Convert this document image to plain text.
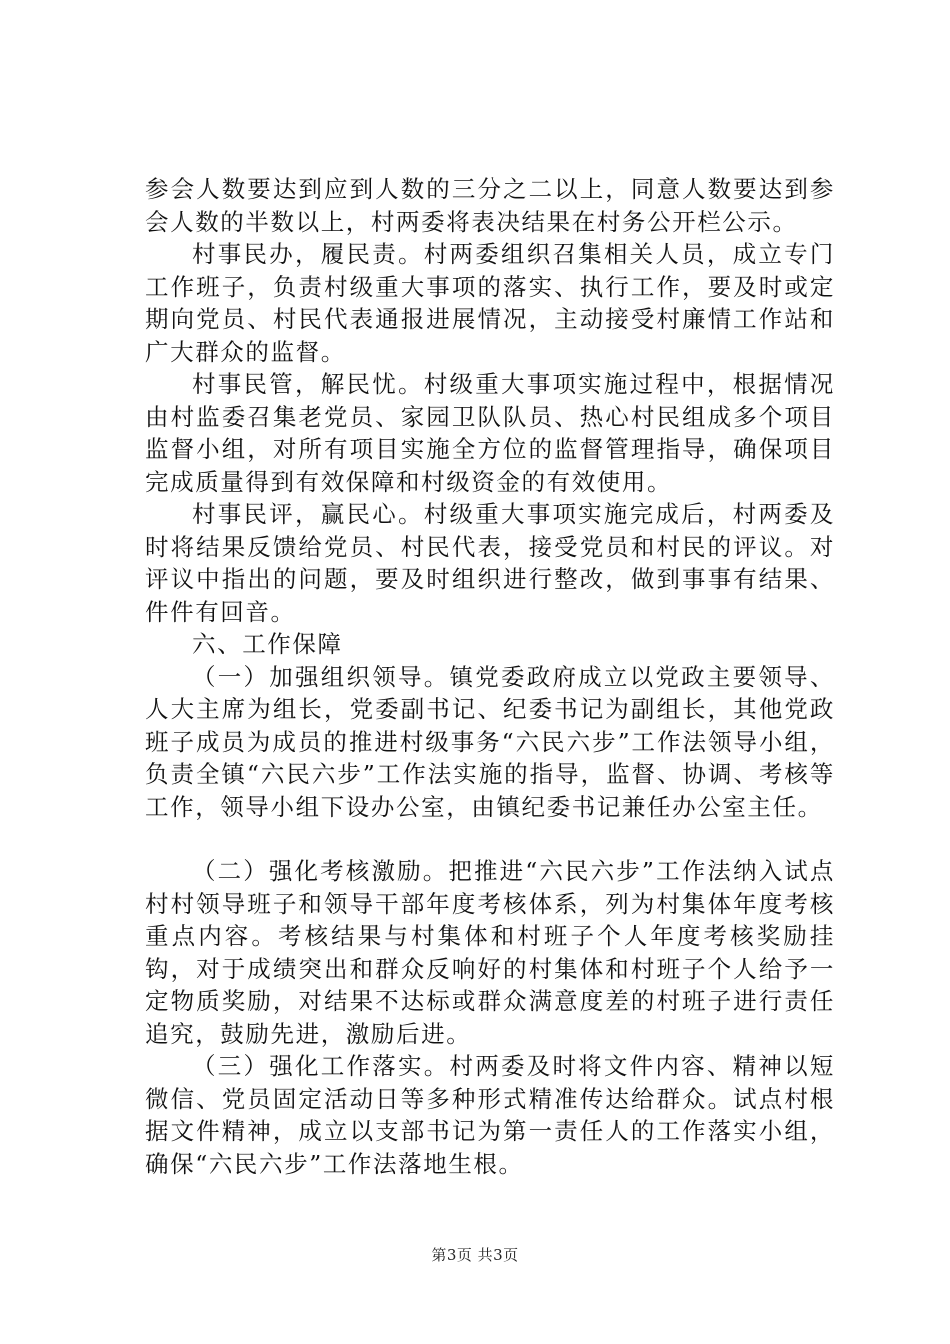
参会人数要达到应到人数的三分之二以上，同意人数要达到参会人数的半数以上，村两委将表决结果在村务公开栏公示。

村事民办，履民责。村两委组织召集相关人员，成立专门工作班子，负责村级重大事项的落实、执行工作，要及时或定期向党员、村民代表通报进展情况，主动接受村廉情工作站和广大群众的监督。

村事民管，解民忧。村级重大事项实施过程中，根据情况由村监委召集老党员、家园卫队队员、热心村民组成多个项目监督小组，对所有项目实施全方位的监督管理指导，确保项目完成质量得到有效保障和村级资金的有效使用。

村事民评，赢民心。村级重大事项实施完成后，村两委及时将结果反馈给党员、村民代表，接受党员和村民的评议。对评议中指出的问题，要及时组织进行整改，做到事事有结果、件件有回音。

六、工作保障

（一）加强组织领导。镇党委政府成立以党政主要领导、人大主席为组长，党委副书记、纪委书记为副组长，其他党政班子成员为成员的推进村级事务“六民六步”工作法领导小组，负责全镇“六民六步”工作法实施的指导，监督、协调、考核等工作，领导小组下设办公室，由镇纪委书记兼任办公室主任。

（二）强化考核激励。把推进“六民六步”工作法纳入试点村村领导班子和领导干部年度考核体系，列为村集体年度考核重点内容。考核结果与村集体和村班子个人年度考核奖励挂钩，对于成绩突出和群众反响好的村集体和村班子个人给予一定物质奖励，对结果不达标或群众满意度差的村班子进行责任追究，鼓励先进，激励后进。

（三）强化工作落实。村两委及时将文件内容、精神以短微信、党员固定活动日等多种形式精准传达给群众。试点村根据文件精神，成立以支部书记为第一责任人的工作落实小组，确保“六民六步”工作法落地生根。

第3页 共3页
